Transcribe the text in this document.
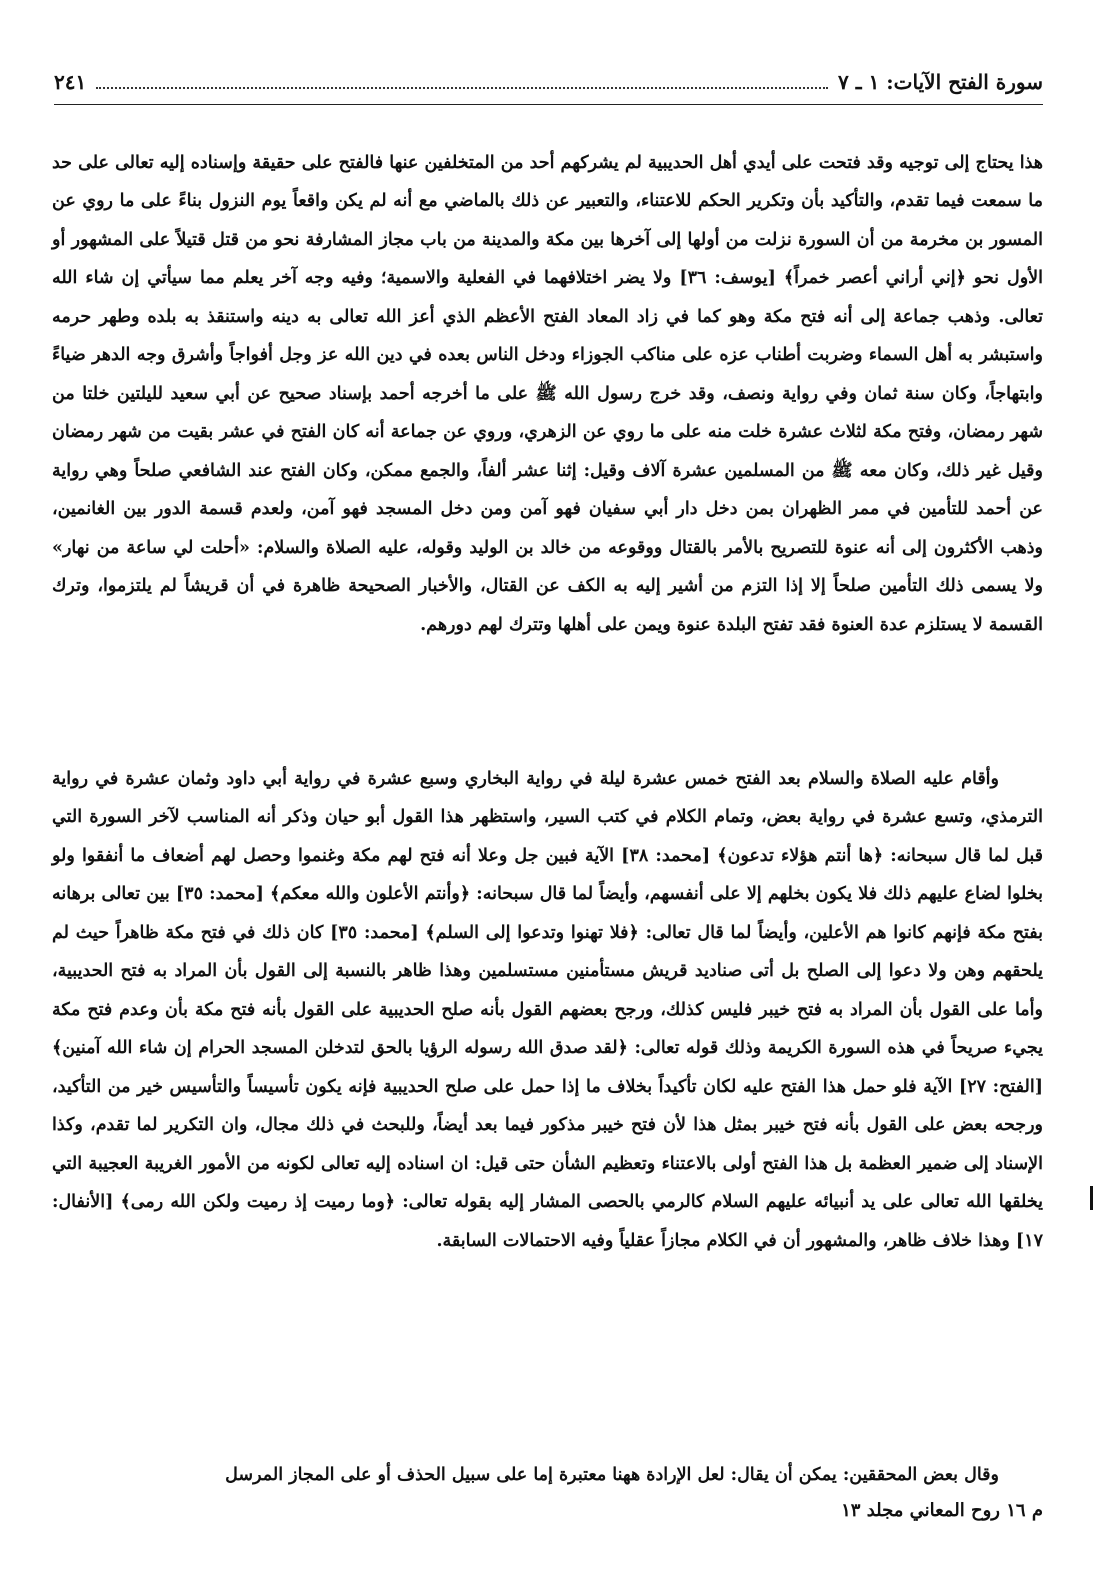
سورة الفتح الآيات: ١ ـ ٧
٢٤١

هذا يحتاج إلى توجيه وقد فتحت على أيدي أهل الحديبية لم يشركهم أحد من المتخلفين عنها فالفتح على حقيقة وإسناده إليه تعالى على حد ما سمعت فيما تقدم، والتأكيد بأن وتكرير الحكم للاعتناء، والتعبير عن ذلك بالماضي مع أنه لم يكن واقعاً يوم النزول بناءً على ما روي عن المسور بن مخرمة من أن السورة نزلت من أولها إلى آخرها بين مكة والمدينة من باب مجاز المشارفة نحو من قتل قتيلاً على المشهور أو الأول نحو ﴿إني أراني أعصر خمراً﴾ [يوسف: ٣٦] ولا يضر اختلافهما في الفعلية والاسمية؛ وفيه وجه آخر يعلم مما سيأتي إن شاء الله تعالى. وذهب جماعة إلى أنه فتح مكة وهو كما في زاد المعاد الفتح الأعظم الذي أعز الله تعالى به دينه واستنقذ به بلده وطهر حرمه واستبشر به أهل السماء وضربت أطناب عزه على مناكب الجوزاء ودخل الناس بعده في دين الله عز وجل أفواجاً وأشرق وجه الدهر ضياءً وابتهاجاً، وكان سنة ثمان وفي رواية ونصف، وقد خرج رسول الله ﷺ على ما أخرجه أحمد بإسناد صحيح عن أبي سعيد لليلتين خلتا من شهر رمضان، وفتح مكة لثلاث عشرة خلت منه على ما روي عن الزهري، وروي عن جماعة أنه كان الفتح في عشر بقيت من شهر رمضان وقيل غير ذلك، وكان معه ﷺ من المسلمين عشرة آلاف وقيل: إثنا عشر ألفاً، والجمع ممكن، وكان الفتح عند الشافعي صلحاً وهي رواية عن أحمد للتأمين في ممر الظهران بمن دخل دار أبي سفيان فهو آمن ومن دخل المسجد فهو آمن، ولعدم قسمة الدور بين الغانمين، وذهب الأكثرون إلى أنه عنوة للتصريح بالأمر بالقتال ووقوعه من خالد بن الوليد وقوله، عليه الصلاة والسلام: «أحلت لي ساعة من نهار» ولا يسمى ذلك التأمين صلحاً إلا إذا التزم من أشير إليه به الكف عن القتال، والأخبار الصحيحة ظاهرة في أن قريشاً لم يلتزموا، وترك القسمة لا يستلزم عدة العنوة فقد تفتح البلدة عنوة ويمن على أهلها وتترك لهم دورهم.

وأقام عليه الصلاة والسلام بعد الفتح خمس عشرة ليلة في رواية البخاري وسبع عشرة في رواية أبي داود وثمان عشرة في رواية الترمذي، وتسع عشرة في رواية بعض، وتمام الكلام في كتب السير، واستظهر هذا القول أبو حيان وذكر أنه المناسب لآخر السورة التي قبل لما قال سبحانه: ﴿ها أنتم هؤلاء تدعون﴾ [محمد: ٣٨] الآية فبين جل وعلا أنه فتح لهم مكة وغنموا وحصل لهم أضعاف ما أنفقوا ولو بخلوا لضاع عليهم ذلك فلا يكون بخلهم إلا على أنفسهم، وأيضاً لما قال سبحانه: ﴿وأنتم الأعلون والله معكم﴾ [محمد: ٣٥] بين تعالى برهانه بفتح مكة فإنهم كانوا هم الأعلين، وأيضاً لما قال تعالى: ﴿فلا تهنوا وتدعوا إلى السلم﴾ [محمد: ٣٥] كان ذلك في فتح مكة ظاهراً حيث لم يلحقهم وهن ولا دعوا إلى الصلح بل أتى صناديد قريش مستأمنين مستسلمين وهذا ظاهر بالنسبة إلى القول بأن المراد به فتح الحديبية، وأما على القول بأن المراد به فتح خيبر فليس كذلك، ورجح بعضهم القول بأنه صلح الحديبية على القول بأنه فتح مكة بأن وعدم فتح مكة يجيء صريحاً في هذه السورة الكريمة وذلك قوله تعالى: ﴿لقد صدق الله رسوله الرؤيا بالحق لتدخلن المسجد الحرام إن شاء الله آمنين﴾ [الفتح: ٢٧] الآية فلو حمل هذا الفتح عليه لكان تأكيداً بخلاف ما إذا حمل على صلح الحديبية فإنه يكون تأسيساً والتأسيس خير من التأكيد، ورجحه بعض على القول بأنه فتح خيبر بمثل هذا لأن فتح خيبر مذكور فيما بعد أيضاً، وللبحث في ذلك مجال، وان التكرير لما تقدم، وكذا الإسناد إلى ضمير العظمة بل هذا الفتح أولى بالاعتناء وتعظيم الشأن حتى قيل: ان اسناده إليه تعالى لكونه من الأمور الغريبة العجيبة التي يخلقها الله تعالى على يد أنبيائه عليهم السلام كالرمي بالحصى المشار إليه بقوله تعالى: ﴿وما رميت إذ رميت ولكن الله رمى﴾ [الأنفال: ١٧] وهذا خلاف ظاهر، والمشهور أن في الكلام مجازاً عقلياً وفيه الاحتمالات السابقة.

وقال بعض المحققين: يمكن أن يقال: لعل الإرادة ههنا معتبرة إما على سبيل الحذف أو على المجاز المرسل

م ١٦ روح المعاني مجلد ١٣
